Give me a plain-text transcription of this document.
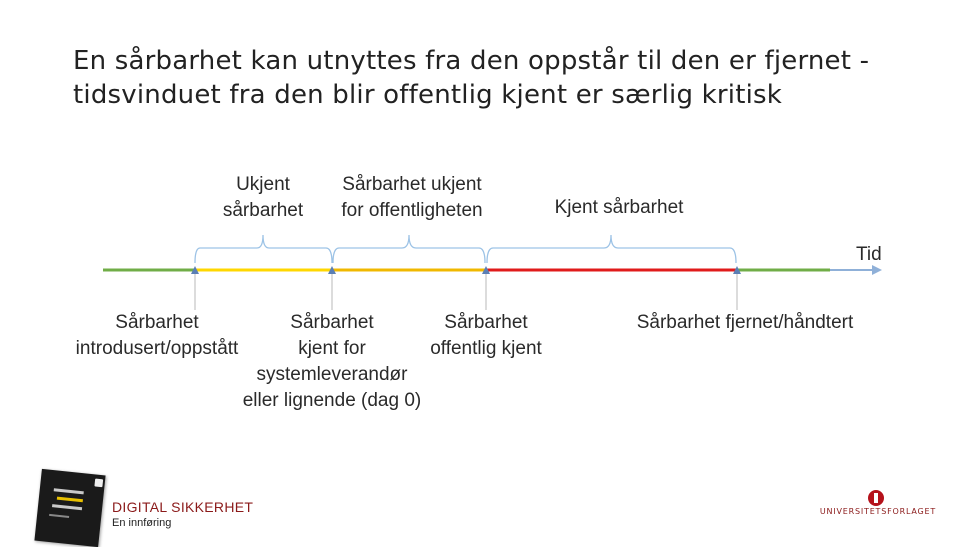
En sårbarhet kan utnyttes fra den oppstår til den er fjernet -
tidsvinduet fra den blir offentlig kjent er særlig kritisk
Tid
Ukjent
sårbarhet
Sårbarhet ukjent
for offentligheten	Kjent sårbarhet
Sårbarhet
introdusert/oppstått
Sårbarhet
kjent for
systemleverandør
eller lignende (dag 0)
Sårbarhet
offentlig kjent
Sårbarhet fjernet/håndtert
DIGITAL SIKKERHET
En innføring
UNIVERSITETSFORLAGET
